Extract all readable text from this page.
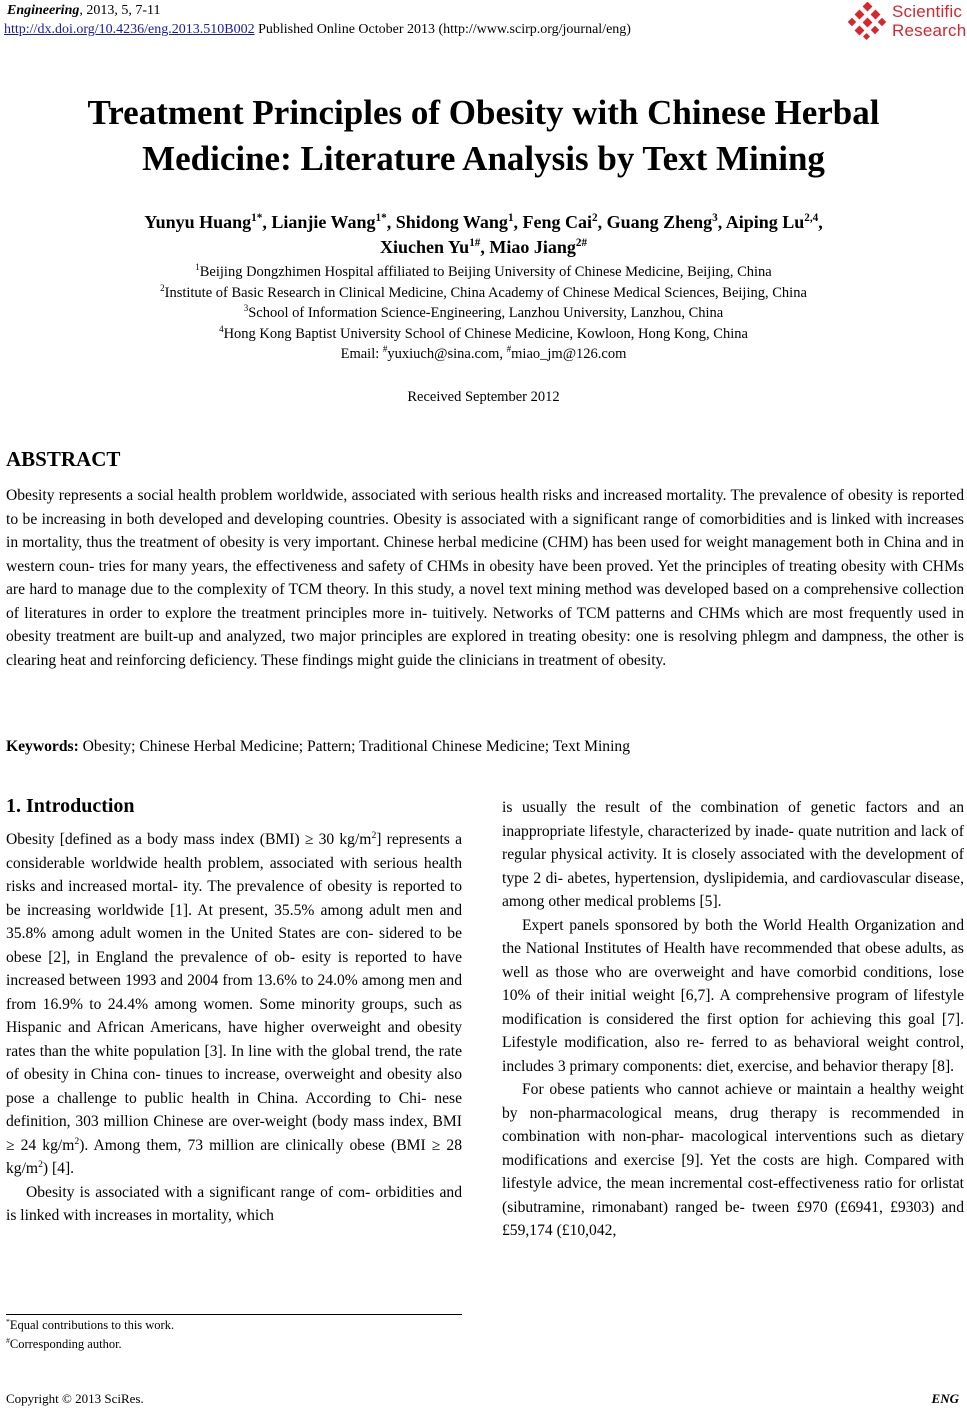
Engineering, 2013, 5, 7-11
http://dx.doi.org/10.4236/eng.2013.510B002 Published Online October 2013 (http://www.scirp.org/journal/eng)
Scientific
Research
Treatment Principles of Obesity with Chinese Herbal
Medicine: Literature Analysis by Text Mining
Yunyu Huang$^{1*}$, Lianjie Wang$^{1*}$, Shidong Wang$^1$, Feng Cai$^2$, Guang Zheng$^3$, Aiping Lu$^{2,4}$,
Xiuchen $Yu^{1\#}$, Miao Jiang$^{2\#}$
$^1$Beijing Dongzhimen Hospital affiliated to Beijing University of Chinese Medicine, Beijing, China
$^2$Institute of Basic Research in Clinical Medicine, China Academy of Chinese Medical Sciences, Beijing, China
$^3$School of Information Science-Engineering, Lanzhou University, Lanzhou, China
$^4$Hong Kong Baptist University School of Chinese Medicine, Kowloon, Hong Kong, China
Email: #yuxiuch@sina.com, #miao_jm@126.com
Received September 2012
ABSTRACT
Obesity represents a social health problem worldwide, associated with serious health risks and increased mortality. The prevalence of obesity is reported to be increasing in both developed and developing countries. Obesity is associated with a significant range of comorbidities and is linked with increases in mortality, thus the treatment of obesity is very important. Chinese herbal medicine (CHM) has been used for weight management both in China and in western coun- tries for many years, the effectiveness and safety of CHMs in obesity have been proved. Yet the principles of treating obesity with CHMs are hard to manage due to the complexity of TCM theory. In this study, a novel text mining method was developed based on a comprehensive collection of literatures in order to explore the treatment principles more in- tuitively. Networks of TCM patterns and CHMs which are most frequently used in obesity treatment are built-up and analyzed, two major principles are explored in treating obesity: one is resolving phlegm and dampness, the other is clearing heat and reinforcing deficiency. These findings might guide the clinicians in treatment of obesity.
Keywords: Obesity; Chinese Herbal Medicine; Pattern; Traditional Chinese Medicine; Text Mining
1. Introduction

Obesity [defined as a body mass index (BMI) ≥ 30 $kg/m^2$] represents a considerable worldwide health problem, associated with serious health risks and increased mortal- ity. The prevalence of obesity is reported to be increasing worldwide [1]. At present, 35.5% among adult men and 35.8% among adult women in the United States are con- sidered to be obese [2], in England the prevalence of ob- esity is reported to have increased between 1993 and 2004 from 13.6% to 24.0% among men and from 16.9% to 24.4% among women. Some minority groups, such as Hispanic and African Americans, have higher overweight and obesity rates than the white population [3]. In line with the global trend, the rate of obesity in China con- tinues to increase, overweight and obesity also pose a challenge to public health in China. According to Chi- nese definition, 303 million Chinese are over-weight (body mass index, BMI ≥ 24 $kg/m^2$). Among them, 73 million are clinically obese (BMI ≥ 28 $kg/m^2$) [4].

Obesity is associated with a significant range of com- orbidities and is linked with increases in mortality, which

is usually the result of the combination of genetic factors and an inappropriate lifestyle, characterized by inade- quate nutrition and lack of regular physical activity. It is closely associated with the development of type 2 di- abetes, hypertension, dyslipidemia, and cardiovascular disease, among other medical problems [5].

Expert panels sponsored by both the World Health Organization and the National Institutes of Health have recommended that obese adults, as well as those who are overweight and have comorbid conditions, lose 10% of their initial weight [6,7]. A comprehensive program of lifestyle modification is considered the first option for achieving this goal [7]. Lifestyle modification, also re- ferred to as behavioral weight control, includes 3 primary components: diet, exercise, and behavior therapy [8].

For obese patients who cannot achieve or maintain a healthy weight by non-pharmacological means, drug therapy is recommended in combination with non-phar- macological interventions such as dietary modifications and exercise [9]. Yet the costs are high. Compared with lifestyle advice, the mean incremental cost-effectiveness ratio for orlistat (sibutramine, rimonabant) ranged be- tween £970 (£6941, £9303) and £59,174 (£10,042,

*Equal contributions to this work.
#Corresponding author.
Copyright © 2013 SciRes.	ENG
